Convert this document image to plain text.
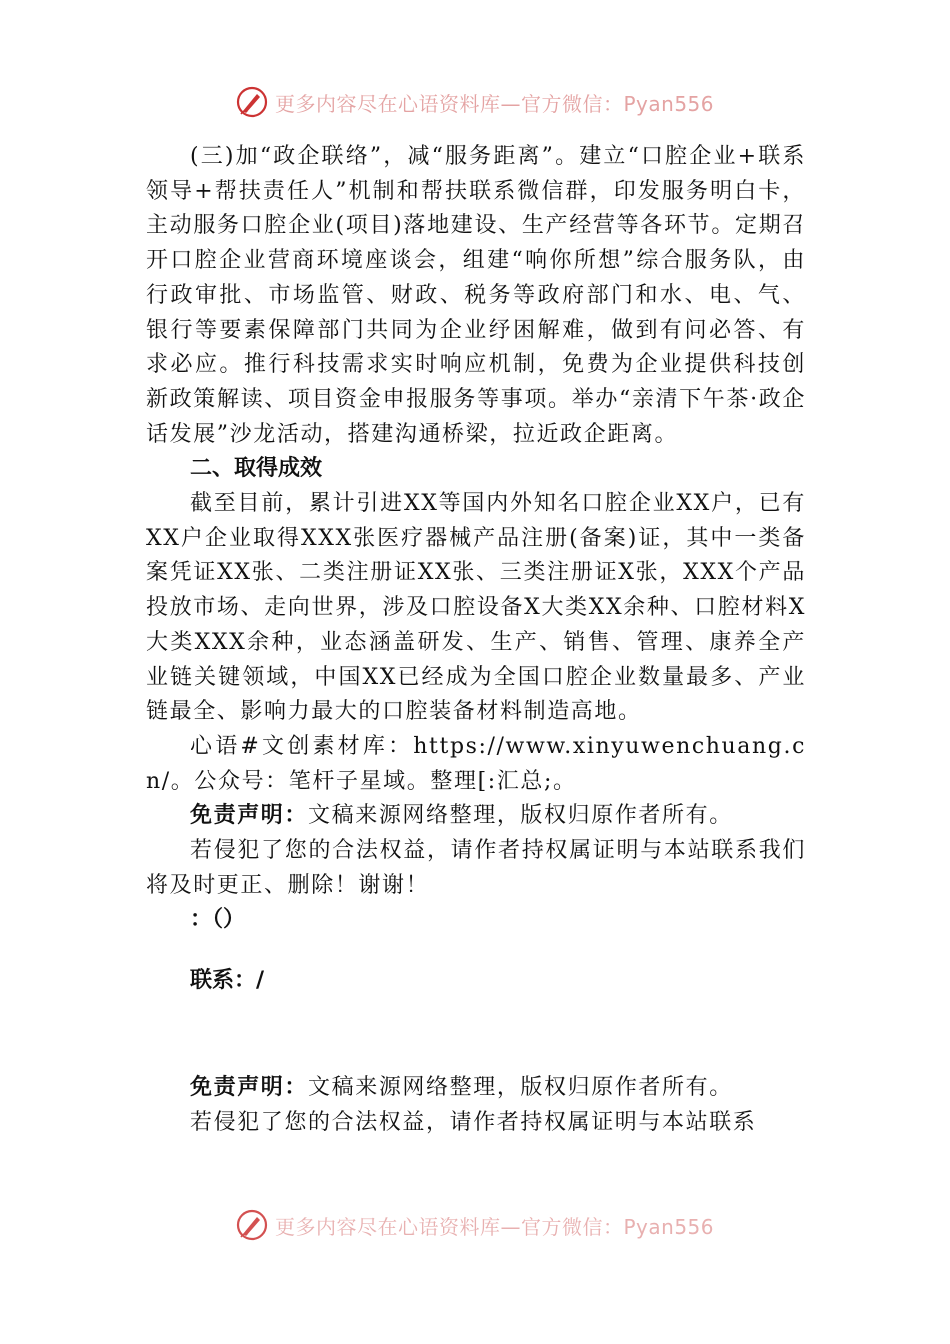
更多内容尽在心语资料库—官方微信：Pyan556

(三)加“政企联络”，减“服务距离”。建立“口腔企业+联系领导+帮扶责任人”机制和帮扶联系微信群，印发服务明白卡，主动服务口腔企业(项目)落地建设、生产经营等各环节。定期召开口腔企业营商环境座谈会，组建“响你所想”综合服务队，由行政审批、市场监管、财政、税务等政府部门和水、电、气、银行等要素保障部门共同为企业纾困解难，做到有问必答、有求必应。推行科技需求实时响应机制，免费为企业提供科技创新政策解读、项目资金申报服务等事项。举办“亲清下午茶·政企话发展”沙龙活动，搭建沟通桥梁，拉近政企距离。

二、取得成效

截至目前，累计引进XX等国内外知名口腔企业XX户，已有XX户企业取得XXX张医疗器械产品注册(备案)证，其中一类备案凭证XX张、二类注册证XX张、三类注册证X张，XXX个产品投放市场、走向世界，涉及口腔设备X大类XX余种、口腔材料X大类XXX余种，业态涵盖研发、生产、销售、管理、康养全产业链关键领域，中国XX已经成为全国口腔企业数量最多、产业链最全、影响力最大的口腔装备材料制造高地。

心语#文创素材库：https://www.xinyuwenchuang.cn/。公众号：笔杆子星域。整理[:汇总;。

免责声明：文稿来源网络整理，版权归原作者所有。

若侵犯了您的合法权益，请作者持权属证明与本站联系我们将及时更正、删除！谢谢！

：（）

联系：/

免责声明：文稿来源网络整理，版权归原作者所有。

若侵犯了您的合法权益，请作者持权属证明与本站联系

更多内容尽在心语资料库—官方微信：Pyan556
